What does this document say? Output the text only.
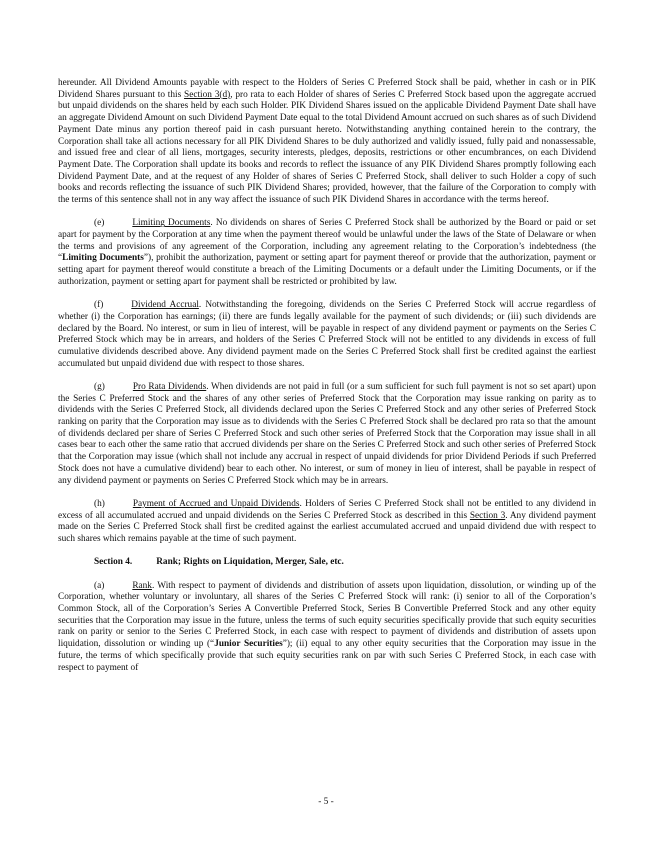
hereunder. All Dividend Amounts payable with respect to the Holders of Series C Preferred Stock shall be paid, whether in cash or in PIK Dividend Shares pursuant to this Section 3(d), pro rata to each Holder of shares of Series C Preferred Stock based upon the aggregate accrued but unpaid dividends on the shares held by each such Holder. PIK Dividend Shares issued on the applicable Dividend Payment Date shall have an aggregate Dividend Amount on such Dividend Payment Date equal to the total Dividend Amount accrued on such shares as of such Dividend Payment Date minus any portion thereof paid in cash pursuant hereto. Notwithstanding anything contained herein to the contrary, the Corporation shall take all actions necessary for all PIK Dividend Shares to be duly authorized and validly issued, fully paid and nonassessable, and issued free and clear of all liens, mortgages, security interests, pledges, deposits, restrictions or other encumbrances, on each Dividend Payment Date. The Corporation shall update its books and records to reflect the issuance of any PIK Dividend Shares promptly following each Dividend Payment Date, and at the request of any Holder of shares of Series C Preferred Stock, shall deliver to such Holder a copy of such books and records reflecting the issuance of such PIK Dividend Shares; provided, however, that the failure of the Corporation to comply with the terms of this sentence shall not in any way affect the issuance of such PIK Dividend Shares in accordance with the terms hereof.

(e)	Limiting Documents. No dividends on shares of Series C Preferred Stock shall be authorized by the Board or paid or set apart for payment by the Corporation at any time when the payment thereof would be unlawful under the laws of the State of Delaware or when the terms and provisions of any agreement of the Corporation, including any agreement relating to the Corporation’s indebtedness (the “Limiting Documents”), prohibit the authorization, payment or setting apart for payment thereof or provide that the authorization, payment or setting apart for payment thereof would constitute a breach of the Limiting Documents or a default under the Limiting Documents, or if the authorization, payment or setting apart for payment shall be restricted or prohibited by law.

(f)	Dividend Accrual. Notwithstanding the foregoing, dividends on the Series C Preferred Stock will accrue regardless of whether (i) the Corporation has earnings; (ii) there are funds legally available for the payment of such dividends; or (iii) such dividends are declared by the Board. No interest, or sum in lieu of interest, will be payable in respect of any dividend payment or payments on the Series C Preferred Stock which may be in arrears, and holders of the Series C Preferred Stock will not be entitled to any dividends in excess of full cumulative dividends described above. Any dividend payment made on the Series C Preferred Stock shall first be credited against the earliest accumulated but unpaid dividend due with respect to those shares.

(g)	Pro Rata Dividends. When dividends are not paid in full (or a sum sufficient for such full payment is not so set apart) upon the Series C Preferred Stock and the shares of any other series of Preferred Stock that the Corporation may issue ranking on parity as to dividends with the Series C Preferred Stock, all dividends declared upon the Series C Preferred Stock and any other series of Preferred Stock ranking on parity that the Corporation may issue as to dividends with the Series C Preferred Stock shall be declared pro rata so that the amount of dividends declared per share of Series C Preferred Stock and such other series of Preferred Stock that the Corporation may issue shall in all cases bear to each other the same ratio that accrued dividends per share on the Series C Preferred Stock and such other series of Preferred Stock that the Corporation may issue (which shall not include any accrual in respect of unpaid dividends for prior Dividend Periods if such Preferred Stock does not have a cumulative dividend) bear to each other. No interest, or sum of money in lieu of interest, shall be payable in respect of any dividend payment or payments on Series C Preferred Stock which may be in arrears.

(h)	Payment of Accrued and Unpaid Dividends. Holders of Series C Preferred Stock shall not be entitled to any dividend in excess of all accumulated accrued and unpaid dividends on the Series C Preferred Stock as described in this Section 3. Any dividend payment made on the Series C Preferred Stock shall first be credited against the earliest accumulated accrued and unpaid dividend due with respect to such shares which remains payable at the time of such payment.

Section 4.	Rank; Rights on Liquidation, Merger, Sale, etc.

(a)	Rank. With respect to payment of dividends and distribution of assets upon liquidation, dissolution, or winding up of the Corporation, whether voluntary or involuntary, all shares of the Series C Preferred Stock will rank: (i) senior to all of the Corporation’s Common Stock, all of the Corporation’s Series A Convertible Preferred Stock, Series B Convertible Preferred Stock and any other equity securities that the Corporation may issue in the future, unless the terms of such equity securities specifically provide that such equity securities rank on parity or senior to the Series C Preferred Stock, in each case with respect to payment of dividends and distribution of assets upon liquidation, dissolution or winding up (“Junior Securities”); (ii) equal to any other equity securities that the Corporation may issue in the future, the terms of which specifically provide that such equity securities rank on par with such Series C Preferred Stock, in each case with respect to payment of

- 5 -
